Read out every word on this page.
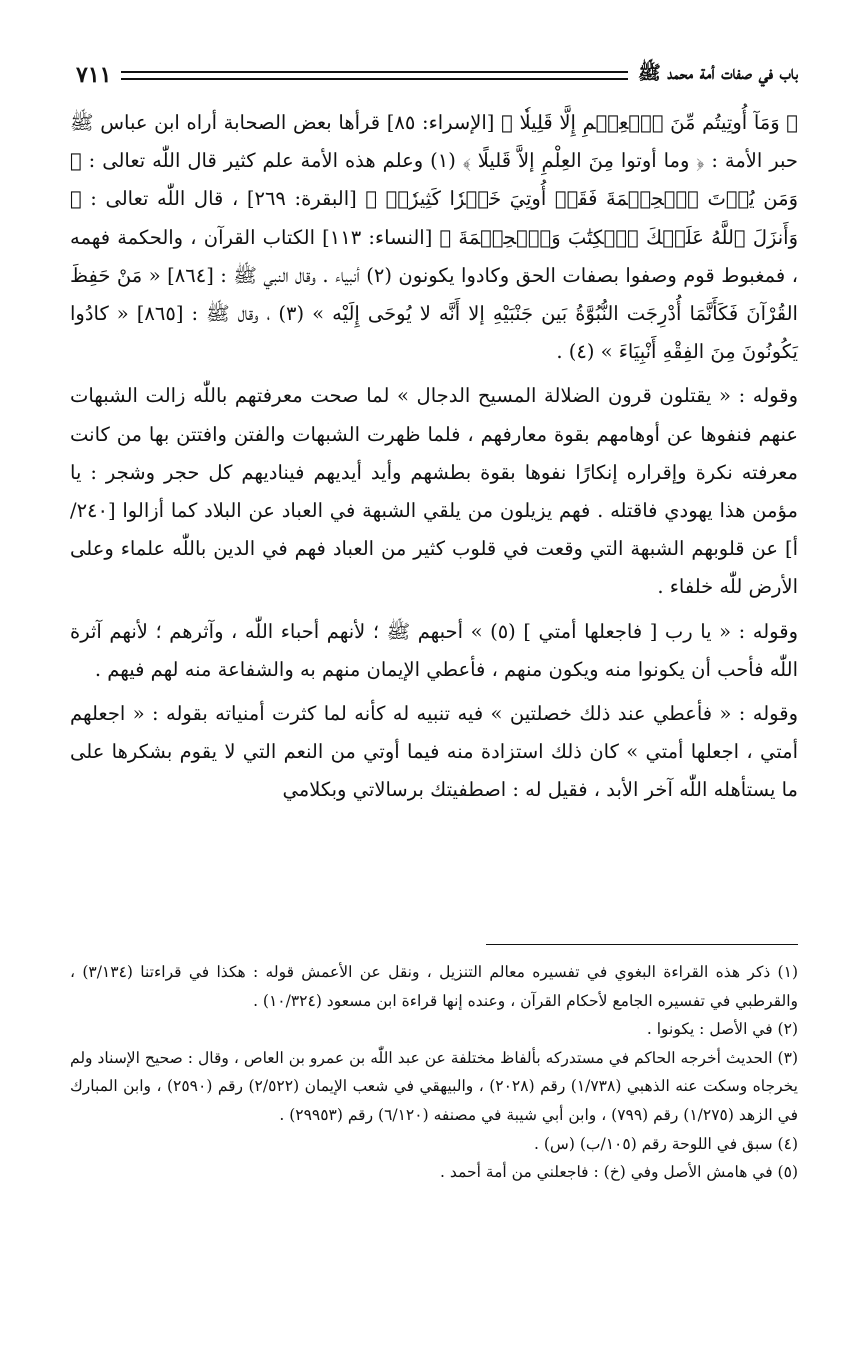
باب في صفات أمة محمد ﷺ
٧١١

﴿ وَمَآ أُوتِيتُم مِّنَ ٱلۡعِلۡمِ إِلَّا قَلِيلٗا ﴾ [الإسراء: ٨٥] قرأها بعض الصحابة أراه ابن عباس ﷺ حبر الأمة : ﴿ وما أوتوا مِنَ العِلْمِ إلاَّ قَليلًا ﴾ (١) وعلم هذه الأمة علم كثير قال اللّٰه تعالى : ﴿ وَمَن يُؤۡتَ ٱلۡحِكۡمَةَ فَقَدۡ أُوتِيَ خَيۡرٗا كَثِيرٗاۗ ﴾ [البقرة: ٢٦٩] ، قال اللّٰه تعالى : ﴿ وَأَنزَلَ ٱللَّهُ عَلَيۡكَ ٱلۡكِتَٰبَ وَٱلۡحِكۡمَةَ ﴾ [النساء: ١١٣] الكتاب القرآن ، والحكمة فهمه ، فمغبوط قوم وصفوا بصفات الحق وكادوا يكونون (٢) أنبياء . وقال النبي ﷺ : [٨٦٤] « مَنْ حَفِظَ القُرْآنَ فَكَأَنَّمَا أُدْرِجَت النُّبُوَّةُ بَين جَنْبَيْهِ إلا أَنَّه لا يُوحَى إِلَيْه » (٣) ، وقال ﷺ : [٨٦٥] « كادُوا يَكُونُونَ مِنَ الفِقْهِ أَنْبِيَاءَ » (٤) .

وقوله : « يقتلون قرون الضلالة المسيح الدجال » لما صحت معرفتهم باللّٰه زالت الشبهات عنهم فنفوها عن أوهامهم بقوة معارفهم ، فلما ظهرت الشبهات والفتن وافتتن بها من كانت معرفته نكرة وإقراره إنكارًا نفوها بقوة بطشهم وأيد أيديهم فيناديهم كل حجر وشجر : يا مؤمن هذا يهودي فاقتله . فهم يزيلون من يلقي الشبهة في العباد عن البلاد كما أزالوا [٢٤٠/أ] عن قلوبهم الشبهة التي وقعت في قلوب كثير من العباد فهم في الدين باللّٰه علماء وعلى الأرض للّٰه خلفاء .

وقوله : « يا رب [ فاجعلها أمتي ] (٥) » أحبهم ﷺ ؛ لأنهم أحباء اللّٰه ، وآثرهم ؛ لأنهم آثرة اللّٰه فأحب أن يكونوا منه ويكون منهم ، فأعطي الإيمان منهم به والشفاعة منه لهم فيهم .

وقوله : « فأعطي عند ذلك خصلتين » فيه تنبيه له كأنه لما كثرت أمنياته بقوله : « اجعلهم أمتي ، اجعلها أمتي » كان ذلك استزادة منه فيما أوتي من النعم التي لا يقوم بشكرها على ما يستأهله اللّٰه آخر الأبد ، فقيل له : اصطفيتك برسالاتي وبكلامي

(١) ذكر هذه القراءة البغوي في تفسيره معالم التنزيل ، ونقل عن الأعمش قوله : هكذا في قراءتنا (٣/١٣٤) ، والقرطبي في تفسيره الجامع لأحكام القرآن ، وعنده إنها قراءة ابن مسعود (١٠/٣٢٤) .

(٢) في الأصل : يكونوا .

(٣) الحديث أخرجه الحاكم في مستدركه بألفاظ مختلفة عن عبد اللّٰه بن عمرو بن العاص ، وقال : صحيح الإسناد ولم يخرجاه وسكت عنه الذهبي (١/٧٣٨) رقم (٢٠٢٨) ، والبيهقي في شعب الإيمان (٢/٥٢٢) رقم (٢٥٩٠) ، وابن المبارك في الزهد (١/٢٧٥) رقم (٧٩٩) ، وابن أبي شيبة في مصنفه (٦/١٢٠) رقم (٢٩٩٥٣) .

(٤) سبق في اللوحة رقم (١٠٥/ب) (س) .

(٥) في هامش الأصل وفي (خ) : فاجعلني من أمة أحمد .
